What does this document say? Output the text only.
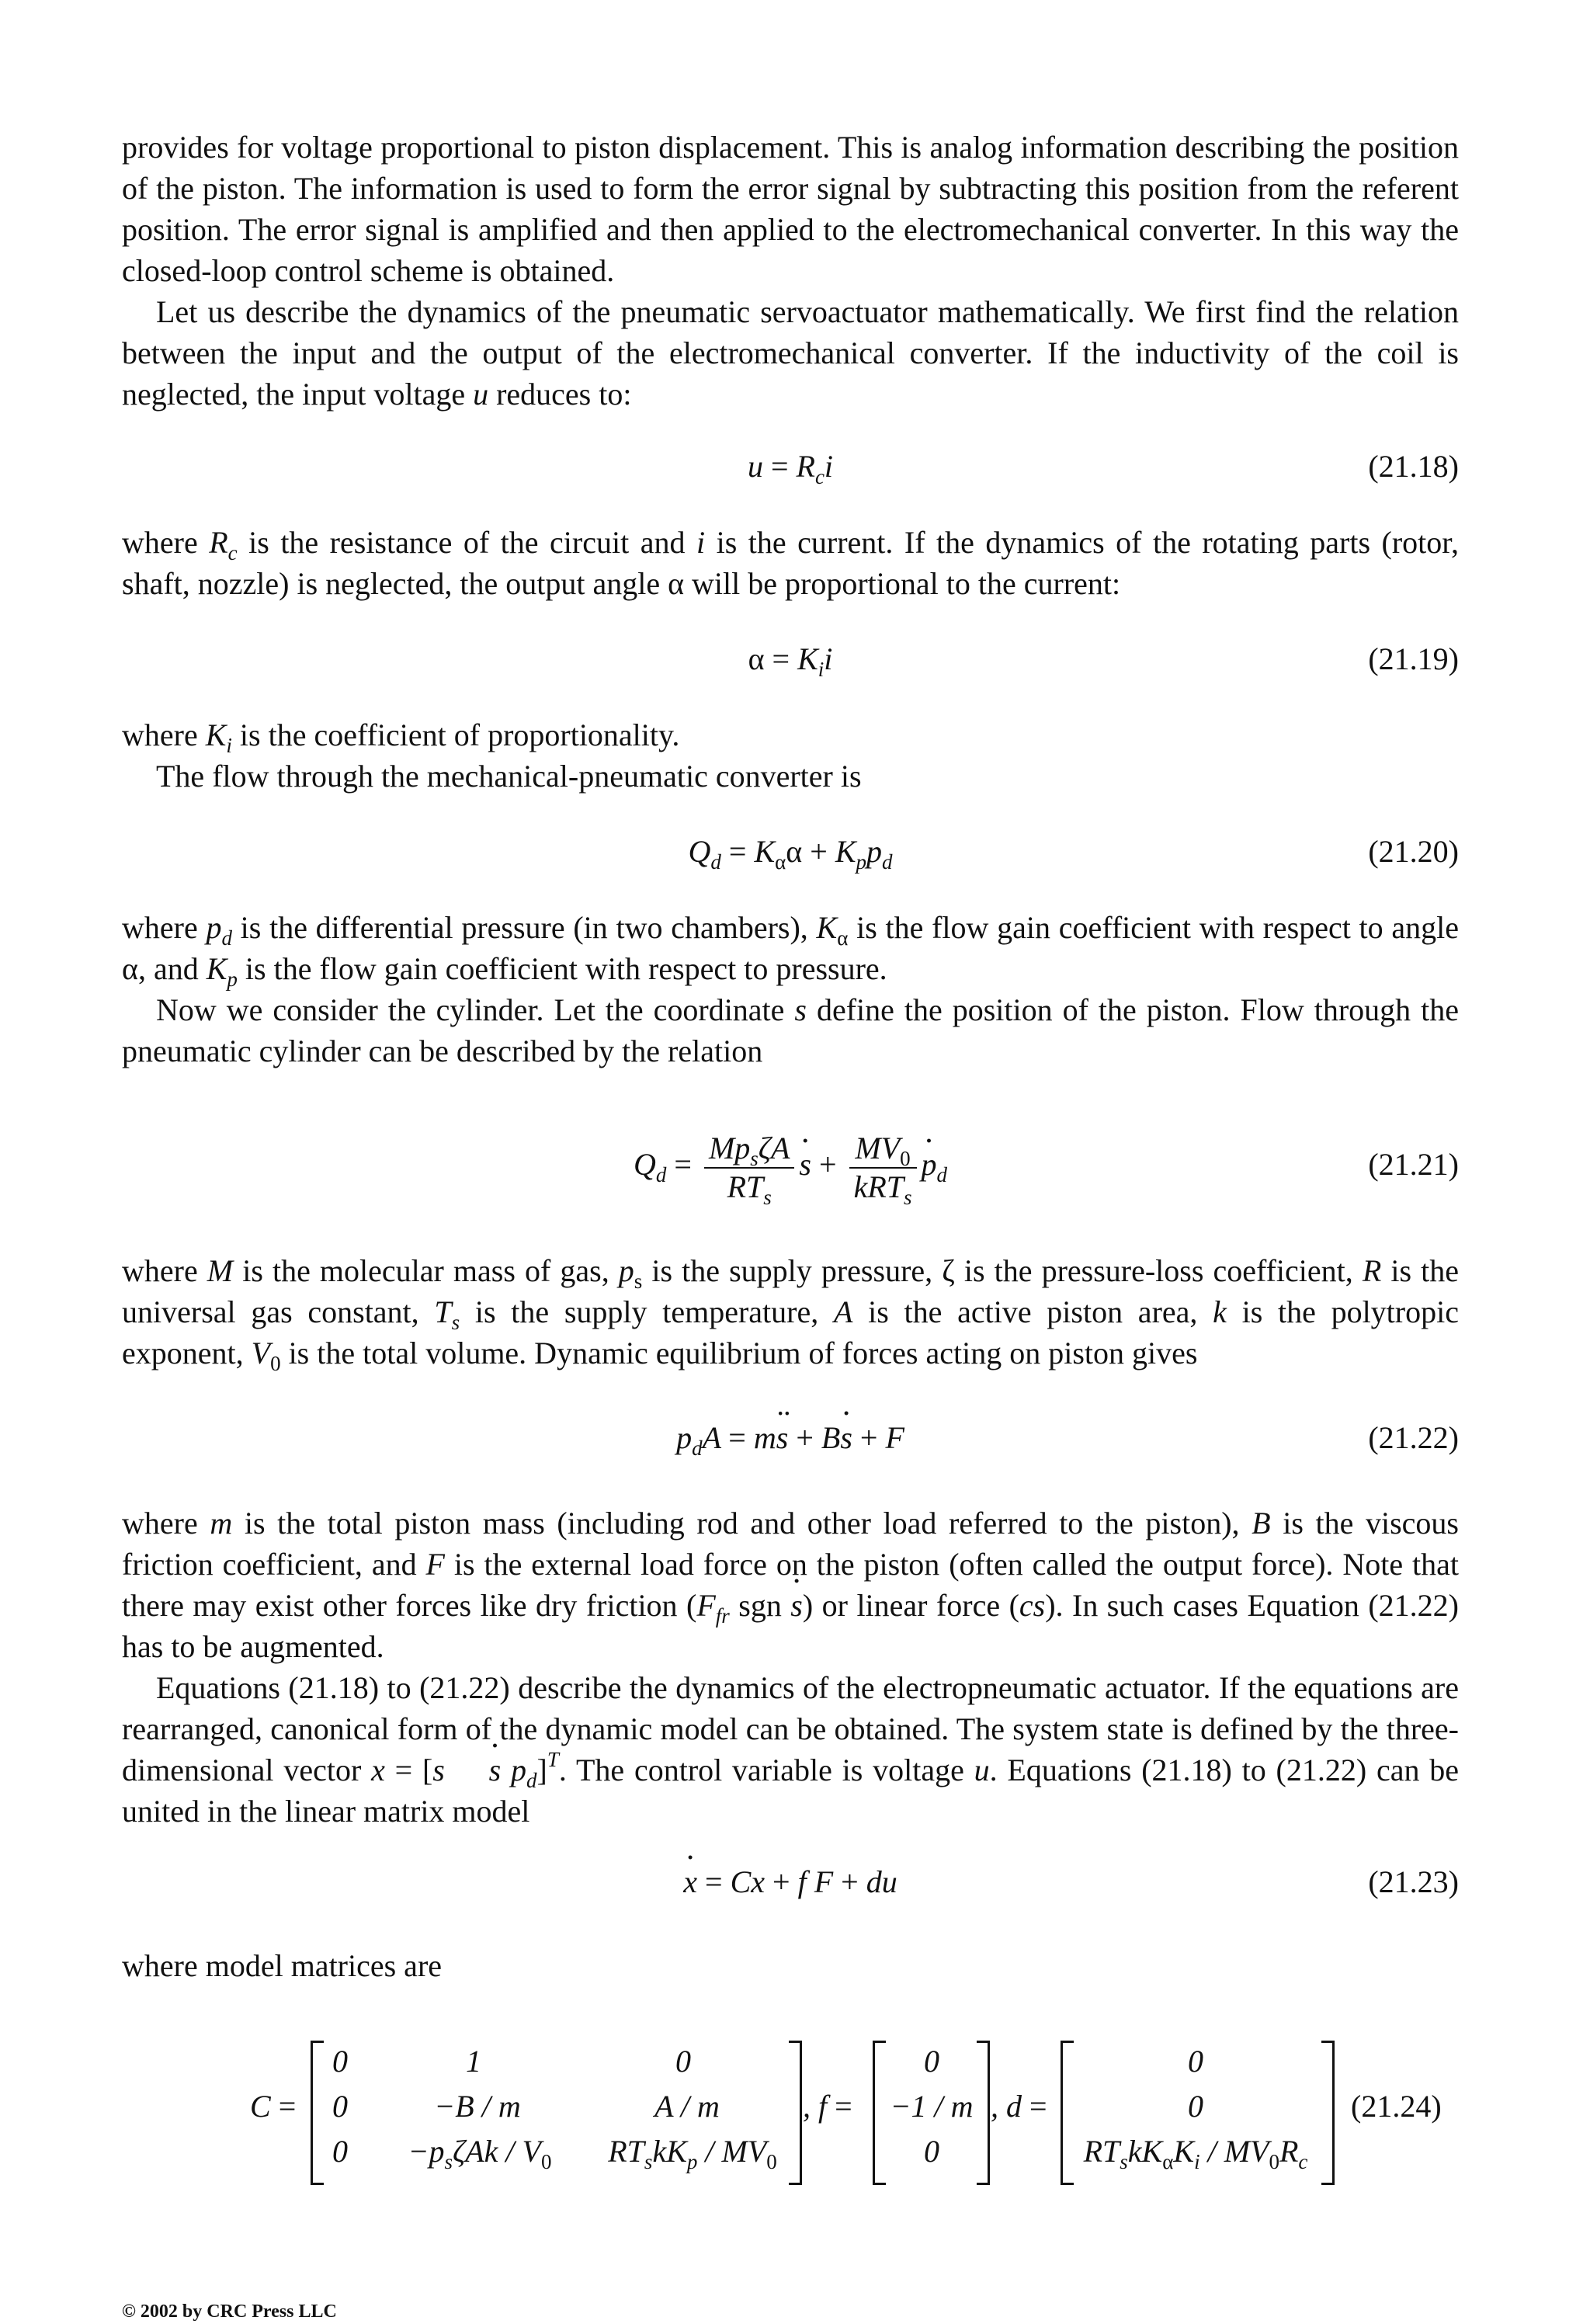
provides for voltage proportional to piston displacement. This is analog information describing the position of the piston. The information is used to form the error signal by subtracting this position from the referent position. The error signal is amplified and then applied to the electromechanical converter. In this way the closed-loop control scheme is obtained.

Let us describe the dynamics of the pneumatic servoactuator mathematically. We first find the relation between the input and the output of the electromechanical converter. If the inductivity of the coil is neglected, the input voltage u reduces to:

$u = R_ci$	(21.18)

where $R_c$ is the resistance of the circuit and i is the current. If the dynamics of the rotating parts (rotor, shaft, nozzle) is neglected, the output angle α will be proportional to the current:

$\alpha = K_ii$	(21.19)

where $K_i$ is the coefficient of proportionality.

The flow through the mechanical-pneumatic converter is

$Q_d = K_\alpha\alpha + K_pp_d$	(21.20)

where $p_d$ is the differential pressure (in two chambers), $K_\alpha$ is the flow gain coefficient with respect to angle α, and $K_p$ is the flow gain coefficient with respect to pressure.

Now we consider the cylinder. Let the coordinate s define the position of the piston. Flow through the pneumatic cylinder can be described by the relation

$Q_d = \frac{Mp_s\zeta A}{RT_s}$ s · + $\frac{MV_0}{kRT_s}$ $p \cdot_d$	(21.21)

where M is the molecular mass of gas, $p_s$ is the supply pressure, ζ is the pressure-loss coefficient, R is the universal gas constant, $T_s$ is the supply temperature, A is the active piston area, k is the polytropic exponent, $V_0$ is the total volume. Dynamic equilibrium of forces acting on piston gives

$p_dA$ = ms ·· + Bs · + F	(21.22)

where m is the total piston mass (including rod and other load referred to the piston), B is the viscous friction coefficient, and F is the external load force on the piston (often called the output force). Note that there may exist other forces like dry friction ($F_{fr}$ sgn s ·) or linear force (cs). In such cases Equation (21.22) has to be augmented.

Equations (21.18) to (21.22) describe the dynamics of the electropneumatic actuator. If the equations are rearranged, canonical form of the dynamic model can be obtained. The system state is defined by the three-dimensional vector x = [s $s \cdot p_d]^T$. The control variable is voltage u. Equations (21.18) to (21.22) can be united in the linear matrix model

x · = Cx + f F + du	(21.23)

where model matrices are

C =
0	1	0
0	−B / m	A / m
0	$-p_s\zeta Ak / V_0$	$RT_skK_p / MV_0$
, f =
0
−1 / m
0
, d =
0
0
$RT_skK_\alpha K_i / MV_0R_c$
(21.24)
© 2002 by CRC Press LLC
